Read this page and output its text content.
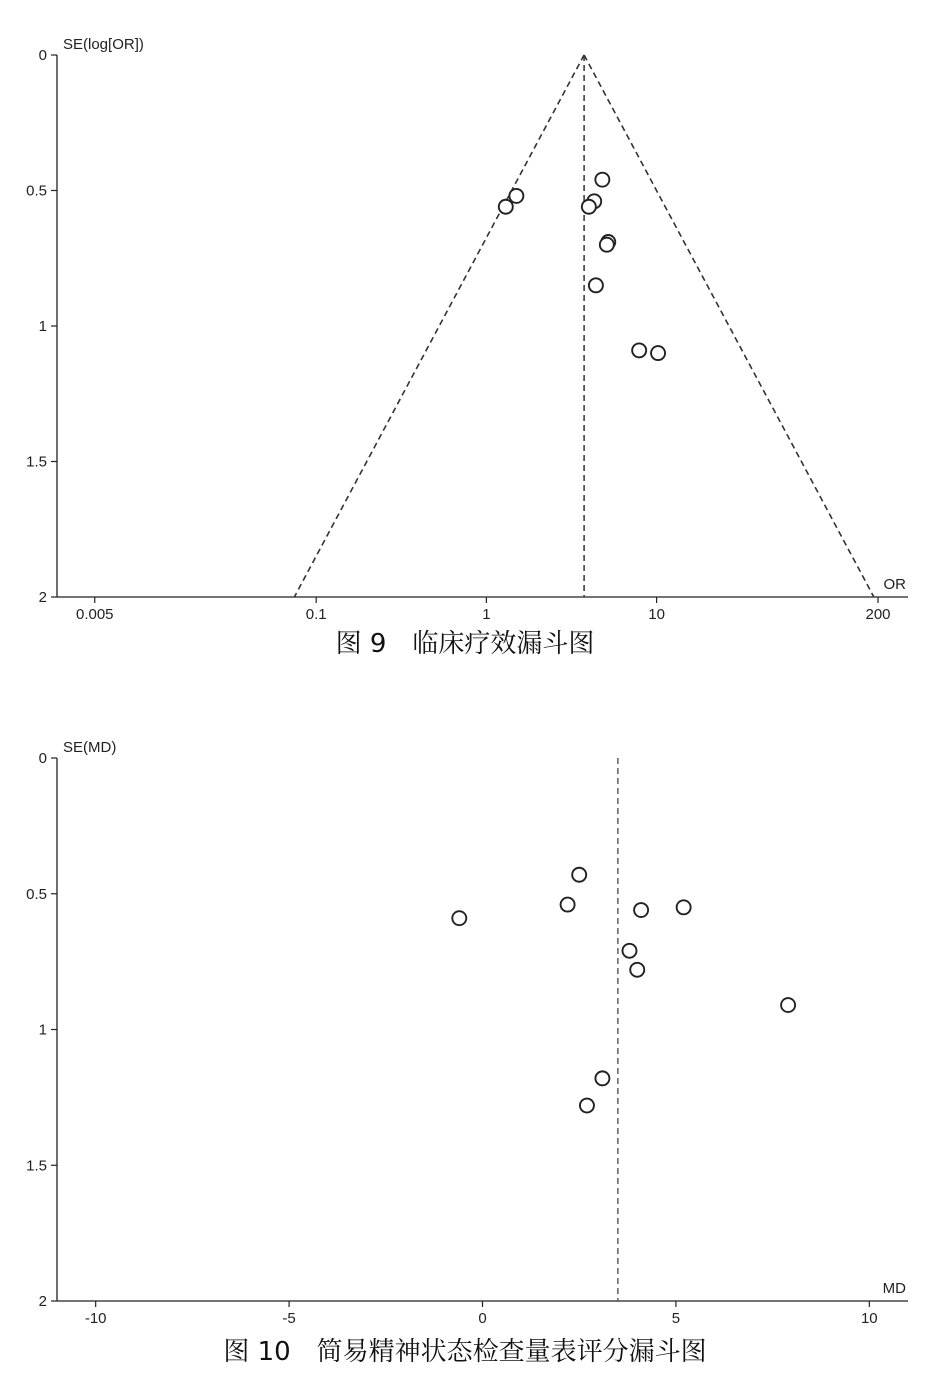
0
0.5
1
1.5
2
0.005	0.1	1	10	200
SE(log[OR])
OR
图 9　临床疗效漏斗图
0
0.5
1
1.5
2
-10	-5	0	5	10
SE(MD)
MD
图 10　简易精神状态检查量表评分漏斗图
